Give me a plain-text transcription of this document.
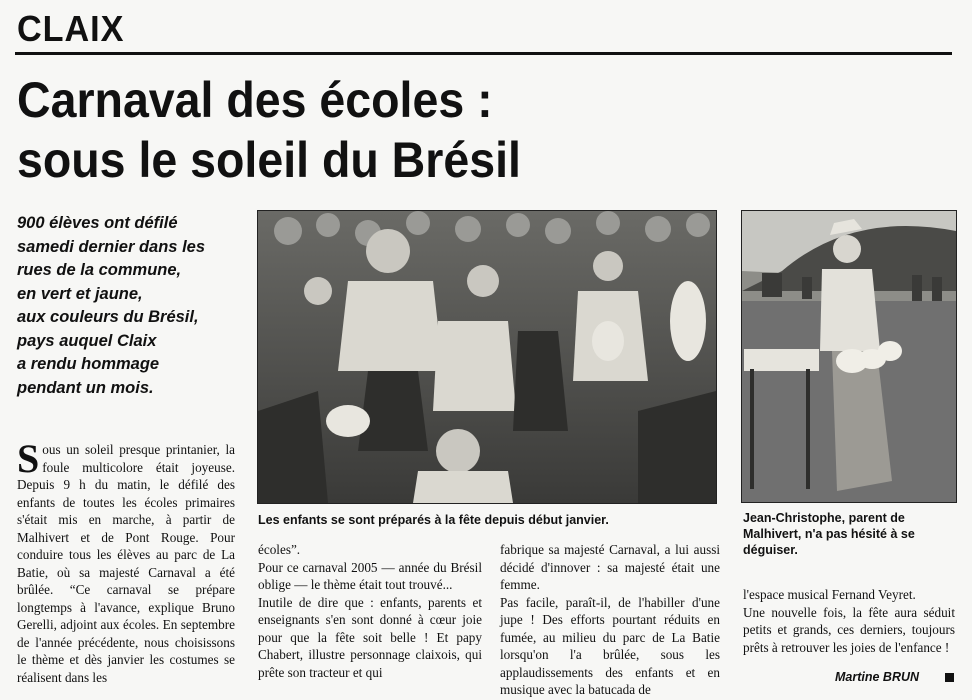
CLAIX
Carnaval des écoles :
sous le soleil du Brésil
900 élèves ont défilé
samedi dernier dans les
rues de la commune,
en vert et jaune,
aux couleurs du Brésil,
pays auquel Claix
a rendu hommage
pendant un mois.
S ous un soleil presque printanier, la foule multicolore était joyeuse. Depuis 9 h du matin, le défilé des enfants de toutes les écoles primaires s'était mis en marche, à partir de Malhivert et de Pont Rouge. Pour conduire tous les élèves au parc de La Batie, où sa majesté Carnaval a été brûlée. “Ce carnaval se prépare longtemps à l'avance, explique Bruno Gerelli, adjoint aux écoles. En septembre de l'année précédente, nous choisissons le thème et dès janvier les costumes se réalisent dans les
Les enfants se sont préparés à la fête depuis début janvier.	Jean-Christophe, parent de Malhivert, n'a pas hésité à se déguiser.

écoles”.

Pour ce carnaval 2005 — année du Brésil oblige — le thème était tout trouvé...

Inutile de dire que : enfants, parents et enseignants s'en sont donné à cœur joie pour que la fête soit belle ! Et papy Chabert, illustre personnage claixois, qui prête son tracteur et qui

fabrique sa majesté Carnaval, a lui aussi décidé d'innover : sa majesté était une femme.

Pas facile, paraît-il, de l'habiller d'une jupe ! Des efforts pourtant réduits en fumée, au milieu du parc de La Batie lorsqu'on l'a brûlée, sous les applaudissements des enfants et en musique avec la batucada de

l'espace musical Fernand Veyret.

Une nouvelle fois, la fête aura séduit petits et grands, ces derniers, toujours prêts à retrouver les joies de l'enfance !

Martine BRUN
